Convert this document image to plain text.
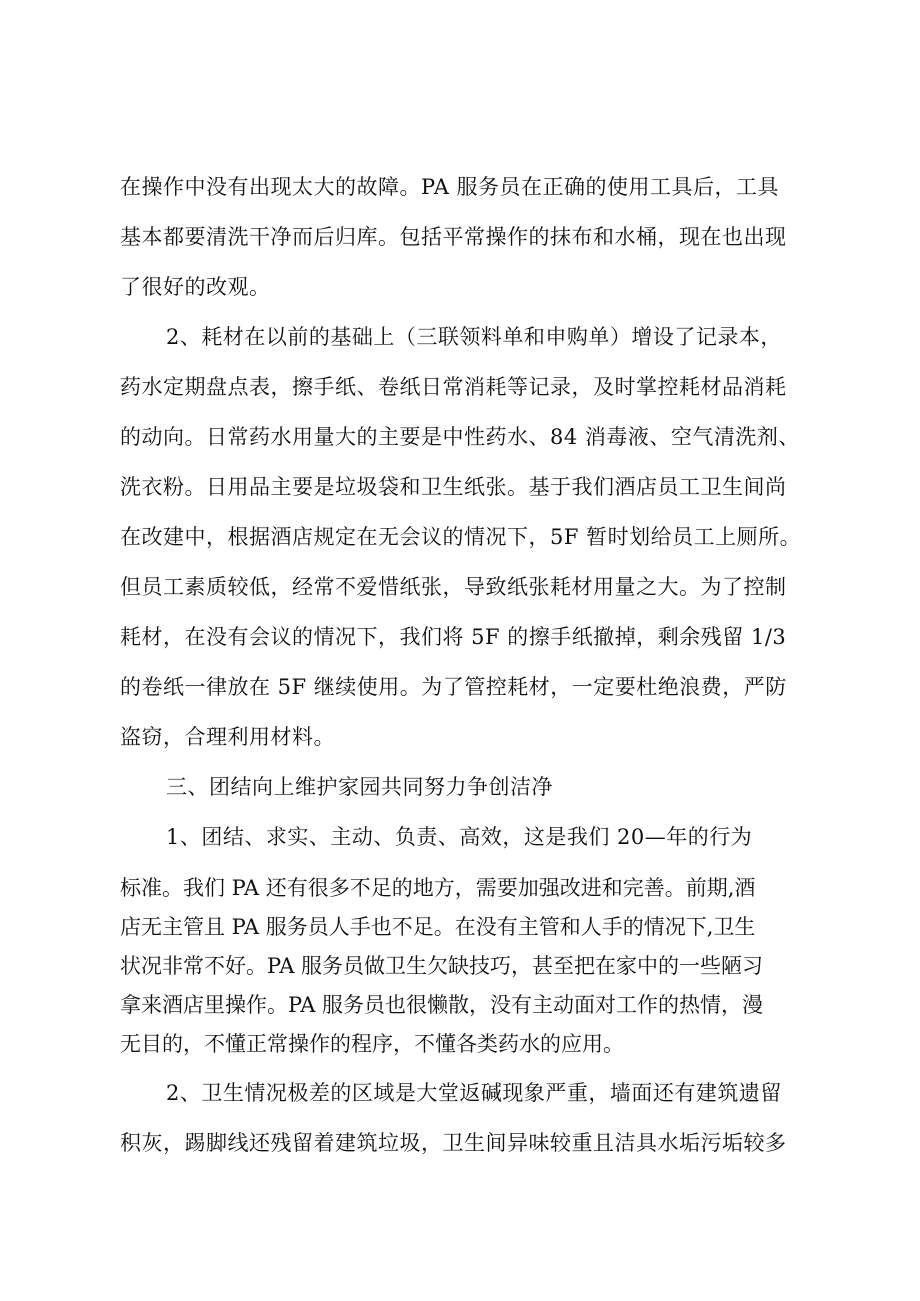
在操作中没有出现太大的故障。PA 服务员在正确的使用工具后，工具

基本都要清洗干净而后归库。包括平常操作的抹布和水桶，现在也出现

了很好的改观。

2、耗材在以前的基础上（三联领料单和申购单）增设了记录本，

药水定期盘点表，擦手纸、卷纸日常消耗等记录，及时掌控耗材品消耗

的动向。日常药水用量大的主要是中性药水、84 消毒液、空气清洗剂、

洗衣粉。日用品主要是垃圾袋和卫生纸张。基于我们酒店员工卫生间尚

在改建中，根据酒店规定在无会议的情况下，5F 暂时划给员工上厕所。

但员工素质较低，经常不爱惜纸张，导致纸张耗材用量之大。为了控制

耗材，在没有会议的情况下，我们将 5F 的擦手纸撤掉，剩余残留 1/3

的卷纸一律放在 5F 继续使用。为了管控耗材，一定要杜绝浪费，严防

盗窃，合理利用材料。

三、团结向上维护家园共同努力争创洁净

1、团结、求实、主动、负责、高效，这是我们 20—年的行为

标准。我们 PA 还有很多不足的地方，需要加强改进和完善。前期,酒

店无主管且 PA 服务员人手也不足。在没有主管和人手的情况下,卫生

状况非常不好。PA 服务员做卫生欠缺技巧，甚至把在家中的一些陋习

拿来酒店里操作。PA 服务员也很懒散，没有主动面对工作的热情，漫

无目的，不懂正常操作的程序，不懂各类药水的应用。

2、卫生情况极差的区域是大堂返碱现象严重，墙面还有建筑遗留

积灰，踢脚线还残留着建筑垃圾，卫生间异味较重且洁具水垢污垢较多
